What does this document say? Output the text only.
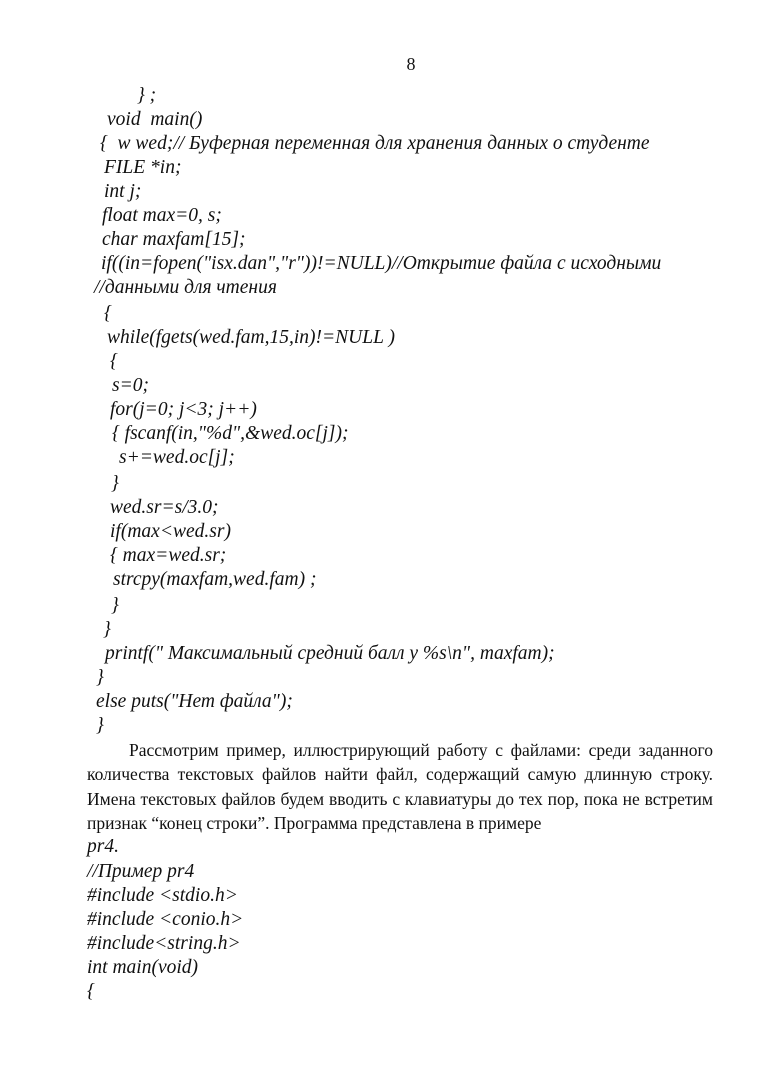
8
} ;
void  main()
{  w wed;// Буферная переменная для хранения данных о студенте
FILE *in;
int j;
float max=0, s;
char maxfam[15];
if((in=fopen("isx.dan","r"))!=NULL)//Открытие файла с исходными
//данными для чтения
{
while(fgets(wed.fam,15,in)!=NULL )
{
s=0;
for(j=0; j<3; j++)
{ fscanf(in,"%d",&wed.oc[j]);
s+=wed.oc[j];
}
wed.sr=s/3.0;
if(max<wed.sr)
{ max=wed.sr;
strcpy(maxfam,wed.fam) ;
}
}
printf(" Максимальный средний балл у %s\n", maxfam);
}
else puts("Нет файла");
}

Рассмотрим пример, иллюстрирующий работу с файлами: среди заданного количества текстовых файлов найти файл, содержащий самую длинную строку. Имена текстовых файлов будем вводить с клавиатуры до тех пор, пока не встретим признак “конец строки”. Программа представлена в примере

pr4.
//Пример pr4
#include <stdio.h>
#include <conio.h>
#include<string.h>
int main(void)
{
